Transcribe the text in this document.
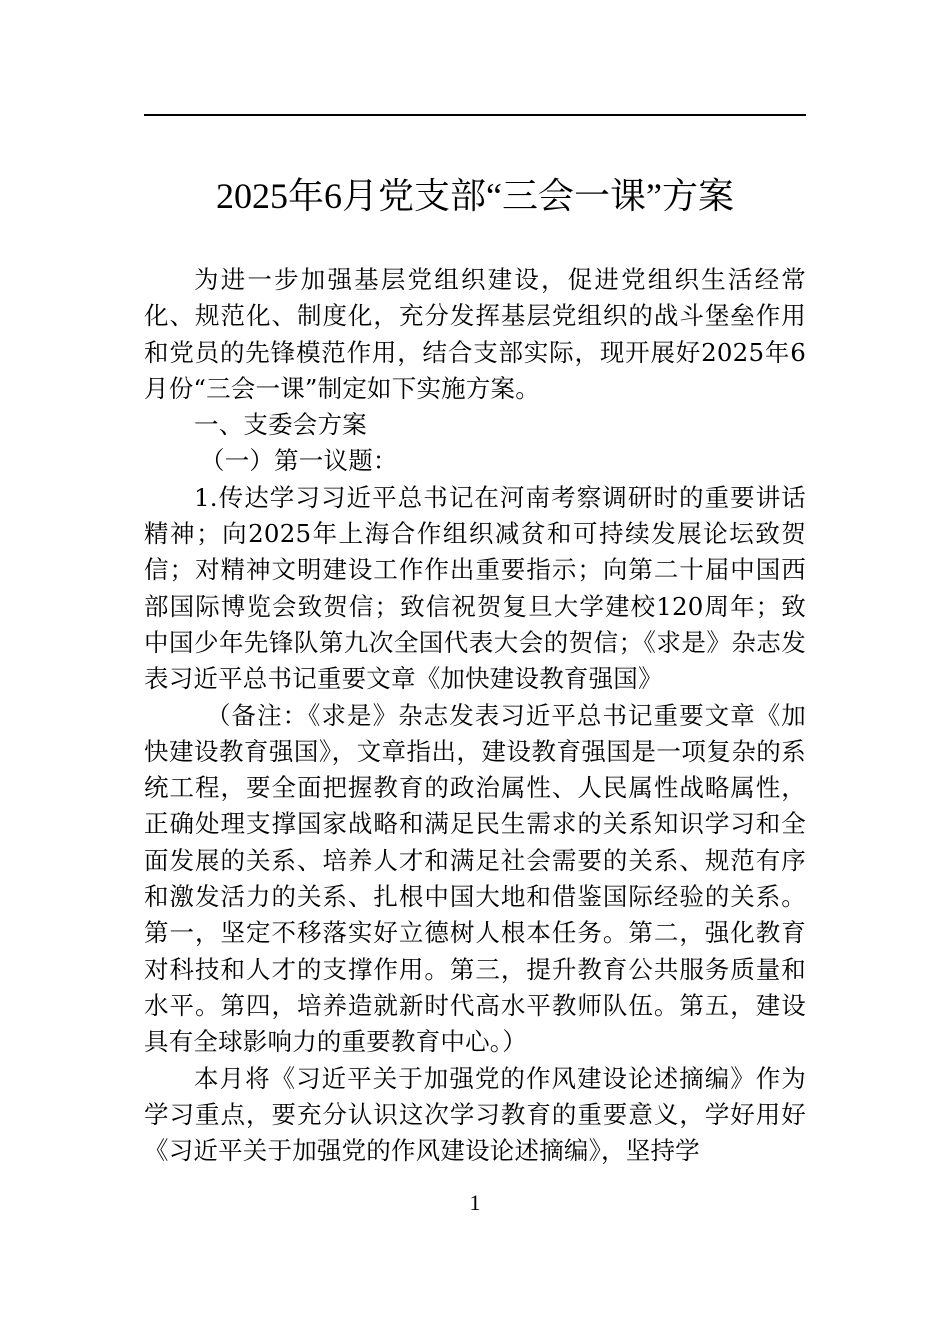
2025年6月党支部“三会一课”方案

为进一步加强基层党组织建设，促进党组织生活经常化、规范化、制度化，充分发挥基层党组织的战斗堡垒作用和党员的先锋模范作用，结合支部实际，现开展好2025年6月份“三会一课”制定如下实施方案。

一、支委会方案

（一）第一议题：

1.传达学习习近平总书记在河南考察调研时的重要讲话精神；向2025年上海合作组织减贫和可持续发展论坛致贺信；对精神文明建设工作作出重要指示；向第二十届中国西部国际博览会致贺信；致信祝贺复旦大学建校120周年；致中国少年先锋队第九次全国代表大会的贺信；《求是》杂志发表习近平总书记重要文章《加快建设教育强国》

（备注：《求是》杂志发表习近平总书记重要文章《加快建设教育强国》，文章指出，建设教育强国是一项复杂的系统工程，要全面把握教育的政治属性、人民属性战略属性，正确处理支撑国家战略和满足民生需求的关系知识学习和全面发展的关系、培养人才和满足社会需要的关系、规范有序和激发活力的关系、扎根中国大地和借鉴国际经验的关系。第一，坚定不移落实好立德树人根本任务。第二，强化教育对科技和人才的支撑作用。第三，提升教育公共服务质量和水平。第四，培养造就新时代高水平教师队伍。第五，建设具有全球影响力的重要教育中心。）

本月将《习近平关于加强党的作风建设论述摘编》作为学习重点，要充分认识这次学习教育的重要意义，学好用好《习近平关于加强党的作风建设论述摘编》，坚持学

1
